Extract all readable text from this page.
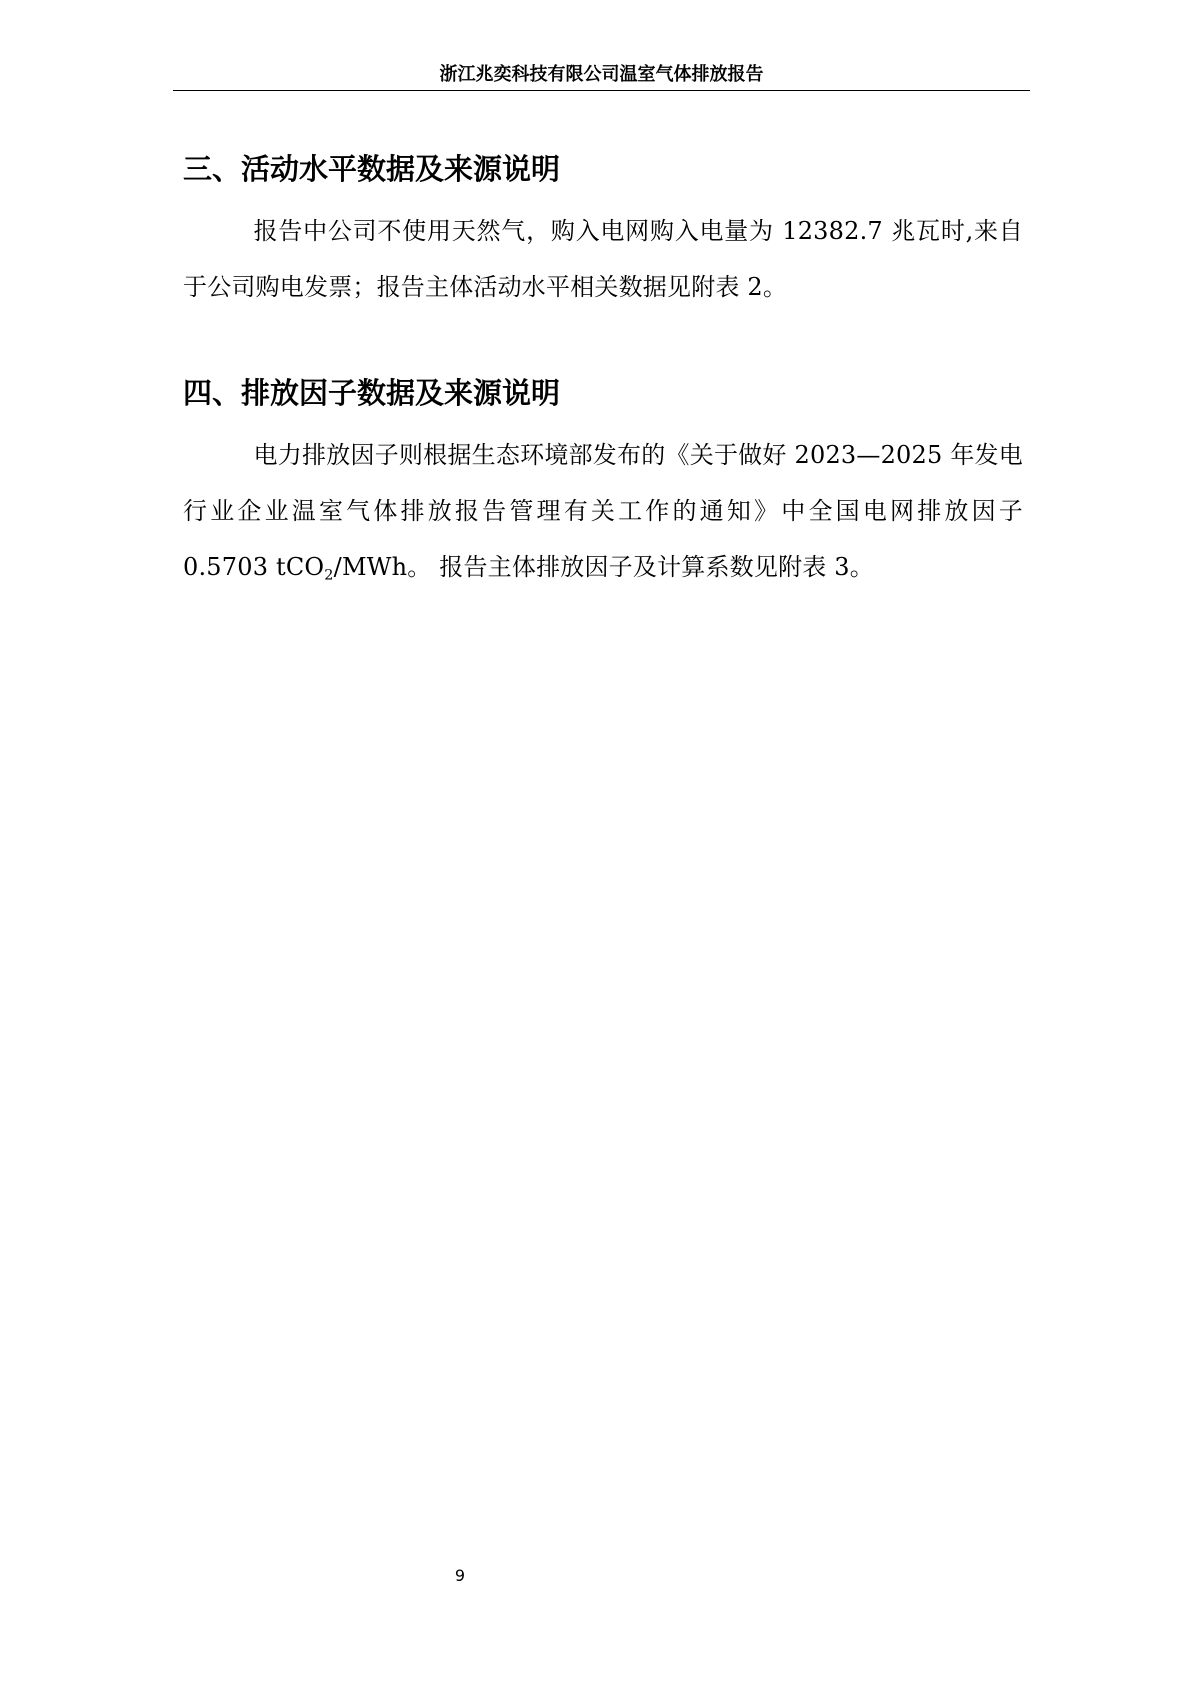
浙江兆奕科技有限公司温室气体排放报告
三、活动水平数据及来源说明

报告中公司不使用天然气，购入电网购入电量为 12382.7 兆瓦时,来自于公司购电发票；报告主体活动水平相关数据见附表 2。

四、排放因子数据及来源说明

电力排放因子则根据生态环境部发布的《关于做好 2023—2025 年发电行业企业温室气体排放报告管理有关工作的通知》中全国电网排放因子 0.5703 tCO$_2$/MWh。 报告主体排放因子及计算系数见附表 3。

9
